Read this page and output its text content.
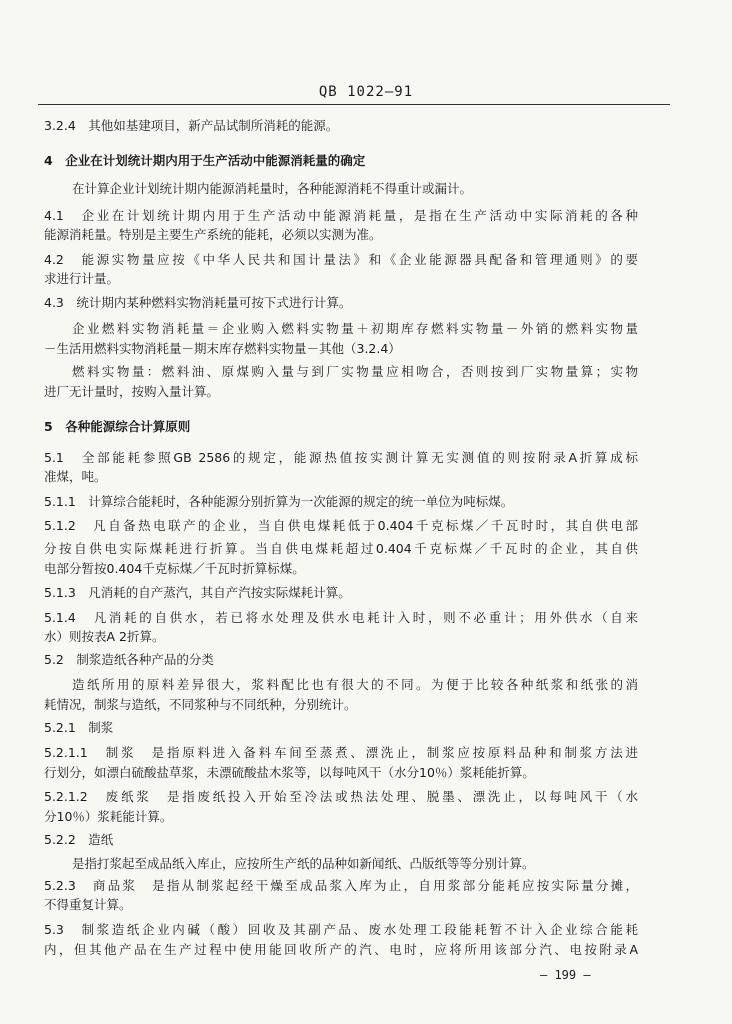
QB 1022—91
3.2.4　其他如基建项目，新产品试制所消耗的能源。
4　企业在计划统计期内用于生产活动中能源消耗量的确定
在计算企业计划统计期内能源消耗量时，各种能源消耗不得重计或漏计。
4.1　企业在计划统计期内用于生产活动中能源消耗量，是指在生产活动中实际消耗的各种
能源消耗量。特别是主要生产系统的能耗，必须以实测为准。
4.2　能源实物量应按《中华人民共和国计量法》和《企业能源器具配备和管理通则》的要
求进行计量。
4.3　统计期内某种燃料实物消耗量可按下式进行计算。
企业燃料实物消耗量＝企业购入燃料实物量＋初期库存燃料实物量－外销的燃料实物量
－生活用燃料实物消耗量－期末库存燃料实物量－其他（3.2.4）
燃料实物量：燃料油、原煤购入量与到厂实物量应相吻合，否则按到厂实物量算；实物
进厂无计量时，按购入量计算。
5　各种能源综合计算原则
5.1　全部能耗参照GB 2586的规定，能源热值按实测计算无实测值的则按附录A折算成标
准煤，吨。
5.1.1　计算综合能耗时，各种能源分别折算为一次能源的规定的统一单位为吨标煤。
5.1.2　凡自备热电联产的企业，当自供电煤耗低于0.404千克标煤／千瓦时时，其自供电部
分按自供电实际煤耗进行折算。当自供电煤耗超过0.404千克标煤／千瓦时的企业，其自供
电部分暂按0.404千克标煤／千瓦时折算标煤。
5.1.3　凡消耗的自产蒸汽，其自产汽按实际煤耗计算。
5.1.4　凡消耗的自供水，若已将水处理及供水电耗计入时，则不必重计；用外供水（自来
水）则按表A 2折算。
5.2　制浆造纸各种产品的分类
造纸所用的原料差异很大，浆料配比也有很大的不同。为便于比较各种纸浆和纸张的消
耗情况，制浆与造纸，不同浆种与不同纸种，分别统计。
5.2.1　制浆
5.2.1.1　制浆　是指原料进入备料车间至蒸煮、漂洗止，制浆应按原料品种和制浆方法进
行划分，如漂白硫酸盐草浆，未漂硫酸盐木浆等，以每吨风干（水分10％）浆耗能折算。
5.2.1.2　废纸浆　是指废纸投入开始至冷法或热法处理、脱墨、漂洗止，以每吨风干（水
分10％）浆耗能计算。
5.2.2　造纸
是指打浆起至成品纸入库止，应按所生产纸的品种如新闻纸、凸版纸等等分别计算。
5.2.3　商品浆　是指从制浆起经干燥至成品浆入库为止，自用浆部分能耗应按实际量分摊，
不得重复计算。
5.3　制浆造纸企业内碱（酸）回收及其副产品、废水处理工段能耗暂不计入企业综合能耗
内，但其他产品在生产过程中使用能回收所产的汽、电时，应将所用该部分汽、电按附录A
— 199 —
